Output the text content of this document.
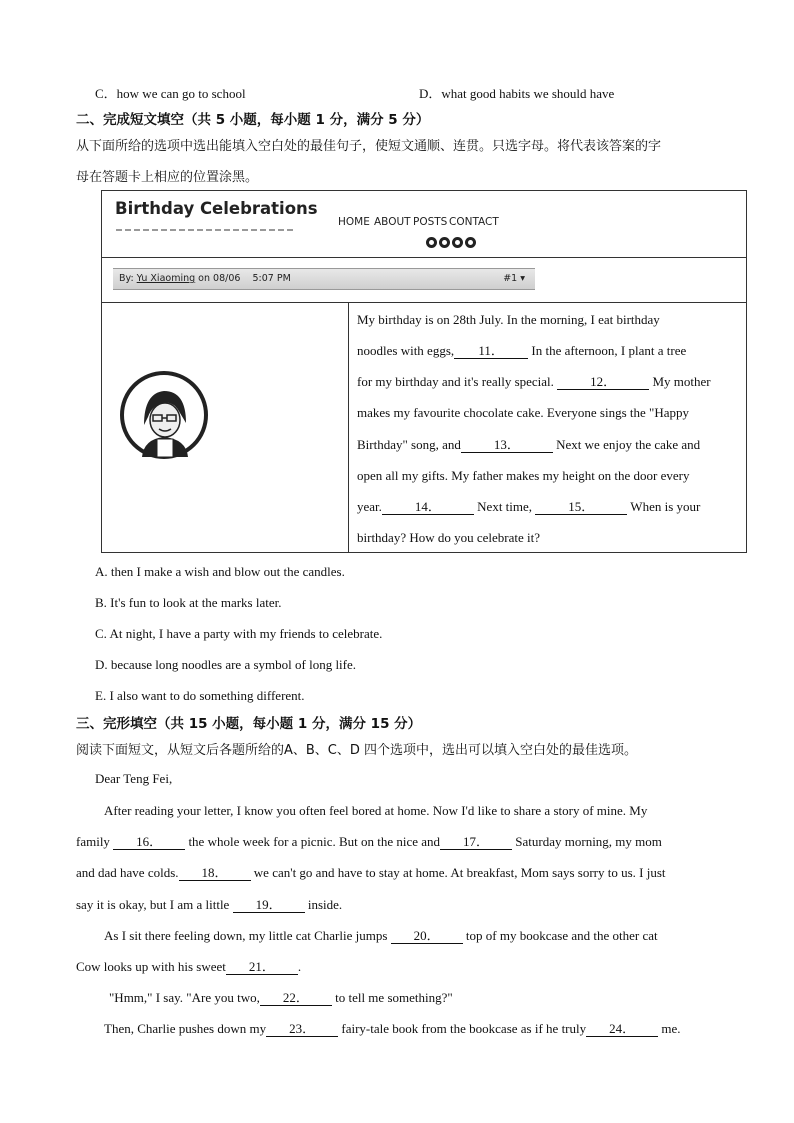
C．how we can go to school	D．what good habits we should have
二、完成短文填空（共 5 小题，每小题 1 分，满分 5 分）
从下面所给的选项中选出能填入空白处的最佳句子，使短文通顺、连贯。只选字母。将代表该答案的字
母在答题卡上相应的位置涂黑。
Birthday Celebrations
HOME ABOUT POSTS CONTACT
By: Yu Xiaoming on 08/06    5:07 PM	#1 ▾
My birthday is on 28th July. In the morning, I eat birthday
noodles with eggs, 11． In the afternoon, I plant a tree
for my birthday and it's really special.	12．	My mother
makes my favourite chocolate cake. Everyone sings the "Happy
Birthday" song, and	13．	Next we enjoy the cake and
open all my gifts. My father makes my height on the door every
year.	14．	Next time,	15．	When is your
birthday? How do you celebrate it?
A. then I make a wish and blow out the candles.
B. It's fun to look at the marks later.
C. At night, I have a party with my friends to celebrate.
D. because long noodles are a symbol of long life.
E. I also want to do something different.
三、完形填空（共 15 小题，每小题 1 分，满分 15 分）
阅读下面短文，从短文后各题所给的A、B、C、D 四个选项中，选出可以填入空白处的最佳选项。
Dear Teng Fei,
After reading your letter, I know you often feel bored at home. Now I'd like to share a story of mine. My
family 16． the whole week for a picnic. But on the nice and 17． Saturday morning, my mom
and dad have colds. 18． we can't go and have to stay at home. At breakfast, Mom says sorry to us. I just
say it is okay, but I am a little 19． inside.
As I sit there feeling down, my little cat Charlie jumps 20． top of my bookcase and the other cat
Cow looks up with his sweet 21． .
"Hmm," I say. "Are you two, 22． to tell me something?"
Then, Charlie pushes down my 23． fairy-tale book from the bookcase as if he truly 24． me.
